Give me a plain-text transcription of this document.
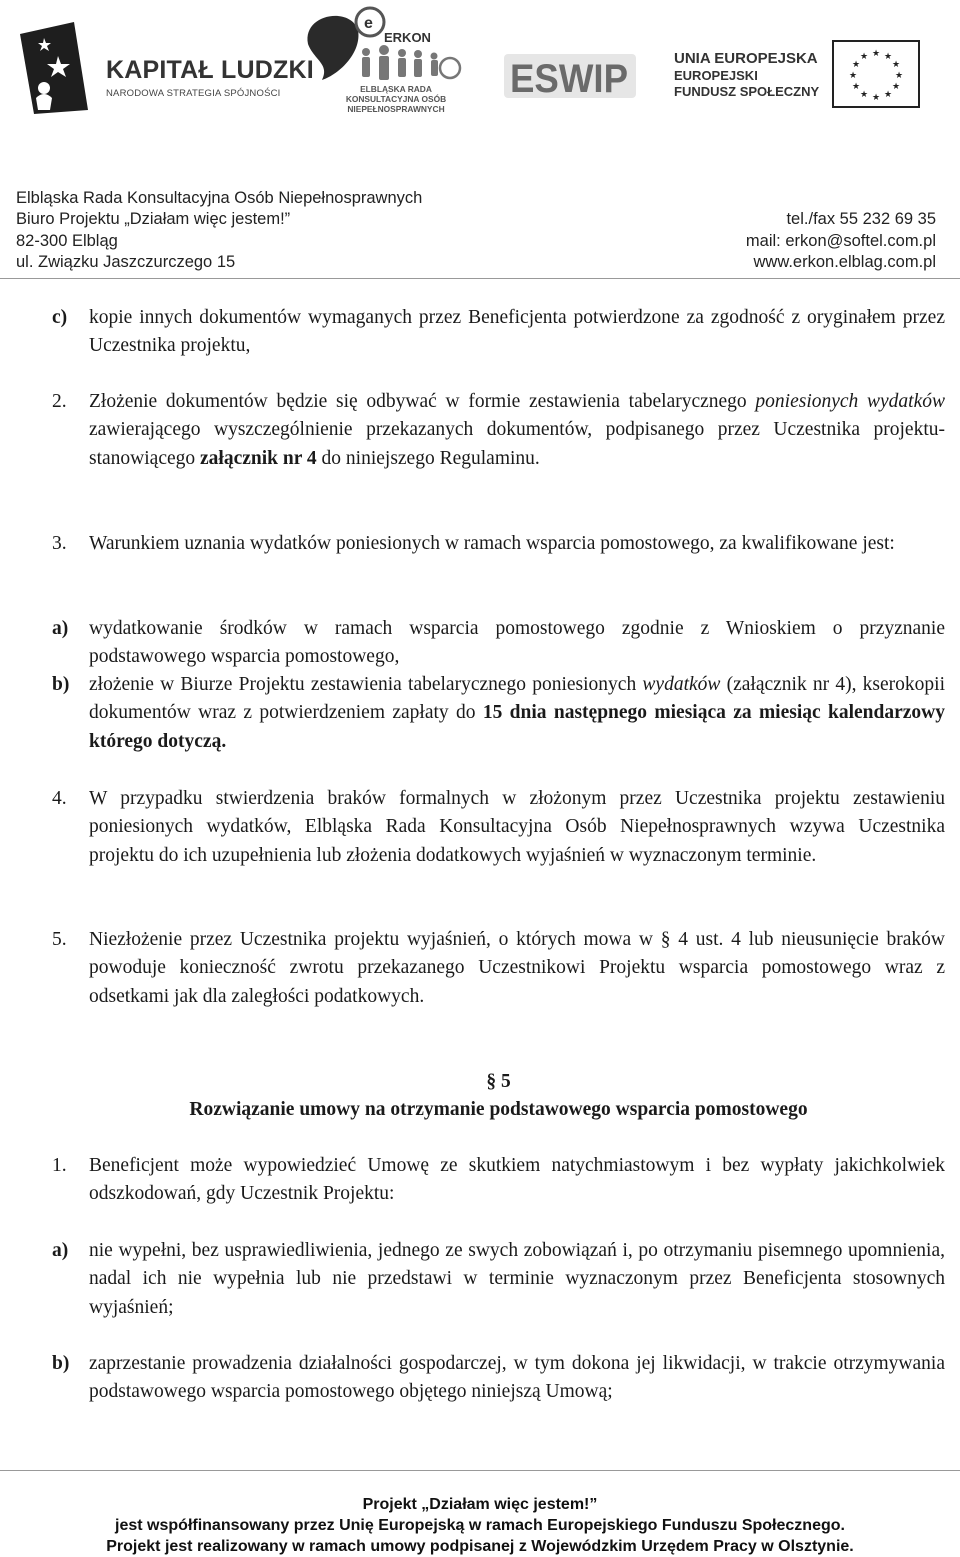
KAPITAŁ LUDZKI
NARODOWA STRATEGIA SPÓJNOŚCI
e
ERKON
ELBLĄSKA RADA
KONSULTACYJNA OSÓB
NIEPEŁNOSPRAWNYCH
ESWIP	UNIA EUROPEJSKA
EUROPEJSKI
FUNDUSZ SPOŁECZNY
★ ★
★
★
★
★
★
★
★
★
★
★
Elbląska Rada Konsultacyjna Osób Niepełnosprawnych
Biuro Projektu „Działam więc jestem!”	tel./fax 55 232 69 35
82-300 Elbląg	mail: erkon@softel.com.pl
ul. Związku Jaszczurczego 15	www.erkon.elblag.com.pl
c)	kopie innych dokumentów wymaganych przez Beneficjenta potwierdzone za zgodność z oryginałem przez Uczestnika projektu,
2.	Złożenie dokumentów będzie się odbywać w formie zestawienia tabelarycznego poniesionych wydatków zawierającego wyszczególnienie przekazanych dokumentów, podpisanego przez Uczestnika projektu- stanowiącego załącznik nr 4 do niniejszego Regulaminu.
3.	Warunkiem uznania wydatków poniesionych w ramach wsparcia pomostowego, za kwalifikowane jest:
a)	wydatkowanie środków w ramach wsparcia pomostowego zgodnie z Wnioskiem o przyznanie podstawowego wsparcia pomostowego,
b)	złożenie w Biurze Projektu zestawienia tabelarycznego poniesionych wydatków (załącznik nr 4), kserokopii dokumentów wraz z potwierdzeniem zapłaty do 15 dnia następnego miesiąca za miesiąc kalendarzowy którego dotyczą.
4.	W przypadku stwierdzenia braków formalnych w złożonym przez Uczestnika projektu zestawieniu poniesionych wydatków, Elbląska Rada Konsultacyjna Osób Niepełnosprawnych wzywa Uczestnika projektu do ich uzupełnienia lub złożenia dodatkowych wyjaśnień w wyznaczonym terminie.
5.	Niezłożenie przez Uczestnika projektu wyjaśnień, o których mowa w § 4 ust. 4 lub nieusunięcie braków powoduje konieczność zwrotu przekazanego Uczestnikowi Projektu wsparcia pomostowego wraz z odsetkami jak dla zaległości podatkowych.
§ 5
Rozwiązanie umowy na otrzymanie podstawowego wsparcia pomostowego
1.	Beneficjent może wypowiedzieć Umowę ze skutkiem natychmiastowym i bez wypłaty jakichkolwiek odszkodowań, gdy Uczestnik Projektu:
a)	nie wypełni, bez usprawiedliwienia, jednego ze swych zobowiązań i, po otrzymaniu pisemnego upomnienia, nadal ich nie wypełnia lub nie przedstawi w terminie wyznaczonym przez Beneficjenta stosownych wyjaśnień;
b)	zaprzestanie prowadzenia działalności gospodarczej, w tym dokona jej likwidacji, w trakcie otrzymywania podstawowego wsparcia pomostowego objętego niniejszą Umową;
Projekt „Działam więc jestem!”
jest współfinansowany przez Unię Europejską w ramach Europejskiego Funduszu Społecznego.
Projekt jest realizowany w ramach umowy podpisanej z Wojewódzkim Urzędem Pracy w Olsztynie.
